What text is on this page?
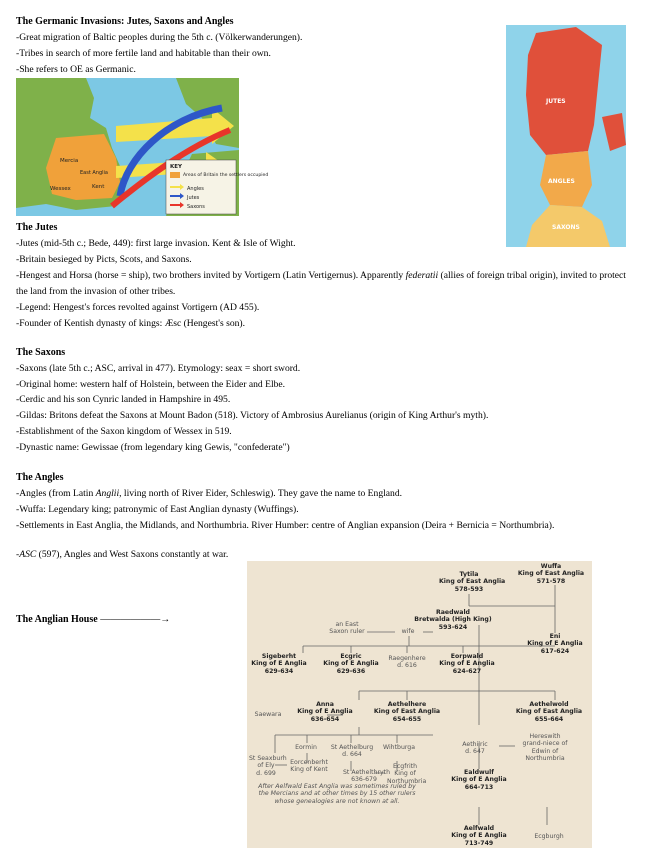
The Germanic Invasions: Jutes, Saxons and Angles
-Great migration of Baltic peoples during the 5th c. (Völkerwanderungen).
-Tribes in search of more fertile land and habitable than their own.
-She refers to OE as Germanic.
Mercia
East Anglia
Wessex	Kent
KEY
Areas of Britain the settlers occupied
Angles
Jutes
Saxons
JUTES
ANGLES
SAXONS
The Jutes
-Jutes (mid-5th c.; Bede, 449): first large invasion. Kent & Isle of Wight.
-Britain besieged by Picts, Scots, and Saxons.
-Hengest and Horsa (horse = ship), two brothers invited by Vortigern (Latin Vertigernus). Apparently federatii (allies of foreign tribal origin), invited to protect the land from the invasion of other tribes.
-Legend: Hengest's forces revolted against Vortigern (AD 455).
-Founder of Kentish dynasty of kings: Æsc (Hengest's son).
The Saxons
-Saxons (late 5th c.; ASC, arrival in 477). Etymology: seax = short sword.
-Original home: western half of Holstein, between the Eider and Elbe.
-Cerdic and his son Cynric landed in Hampshire in 495.
-Gildas: Britons defeat the Saxons at Mount Badon (518). Victory of Ambrosius Aurelianus (origin of King Arthur's myth).
-Establishment of the Saxon kingdom of Wessex in 519.
-Dynastic name: Gewissae (from legendary king Gewis, "confederate")
The Angles
-Angles (from Latin Anglii, living north of River Eider, Schleswig). They gave the name to England.
-Wuffa: Legendary king; patronymic of East Anglian dynasty (Wuffings).
-Settlements in East Anglia, the Midlands, and Northumbria. River Humber: centre of Anglian expansion (Deira + Bernicia = Northumbria).
-ASC (597), Angles and West Saxons constantly at war.
The Anglian House ——————→
Tytila
King of East Anglia
578-593
Wuffa
King of East Anglia
571-578
Raedwald
Bretwalda (High King)
593-624
an East
Saxon ruler	wife
Eni
King of E Anglia
617-624
Sigeberht
King of E Anglia
629-634
Ecgric
King of E Anglia
629-636
Raegenhere
d. 616
Eorpwald
King of E Anglia
624-627
Anna
King of E Anglia
636-654
Saewara
Aethelhere
King of East Anglia
654-655
Aethelwold
King of East Anglia
655-664
Eormin	St Aethelburg
d. 664
Wihtburga	Aethilric
d. 647
Hereswith
grand-niece of
Edwin of
Northumbria
St Seaxburh
of Ely
d. 699
Eorcenberht
King of Kent St Aethelthryth
636-679
Ecgfrith
King of
Northumbria
Ealdwulf
King of E Anglia
664-713
After Aelfwald East Anglia was sometimes ruled by the Mercians and at other times by 15 other rulers whose genealogies are not known at all.
Aelfwald
King of E Anglia
713-749
Ecgburgh
